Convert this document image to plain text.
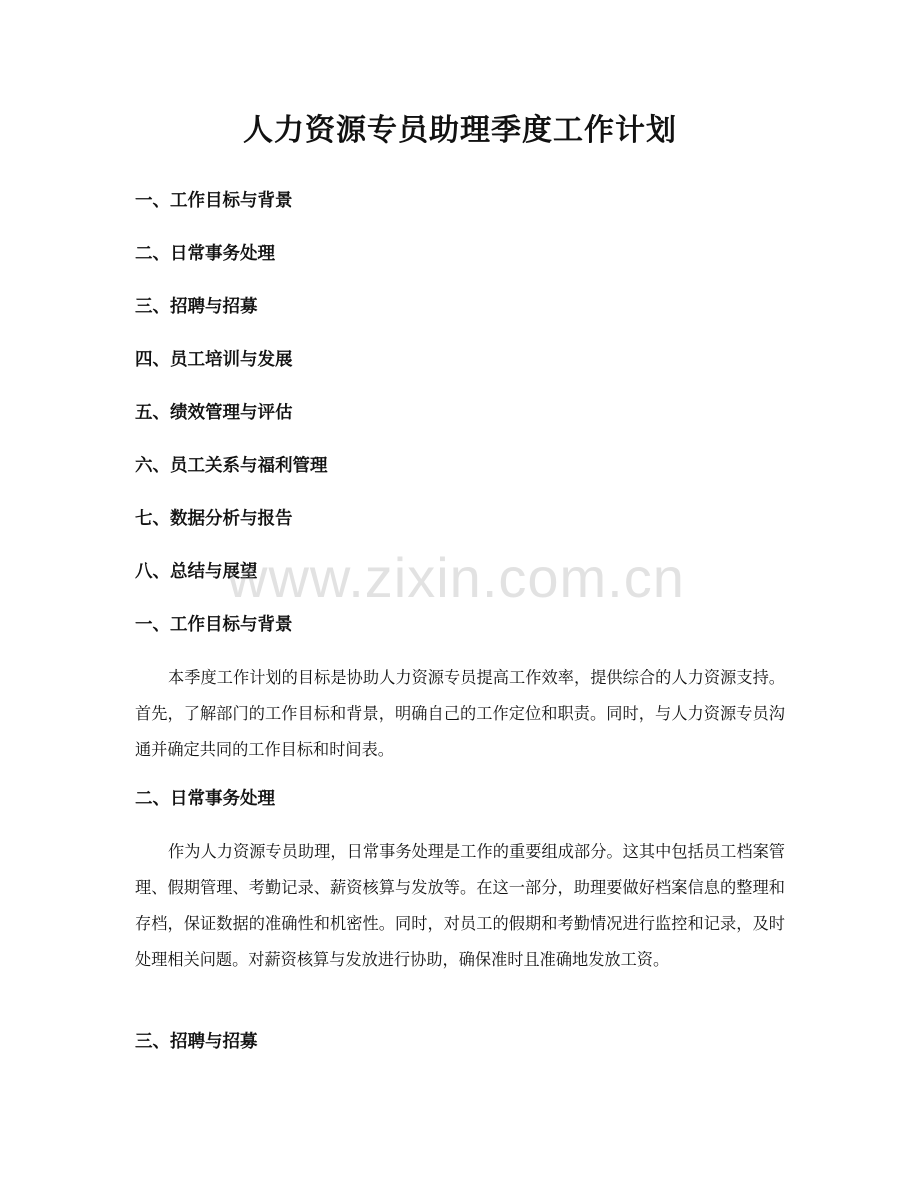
人力资源专员助理季度工作计划
一、工作目标与背景
二、日常事务处理
三、招聘与招募
四、员工培训与发展
五、绩效管理与评估
六、员工关系与福利管理
七、数据分析与报告
八、总结与展望
一、工作目标与背景

本季度工作计划的目标是协助人力资源专员提高工作效率，提供综合的人力资源支持。首先，了解部门的工作目标和背景，明确自己的工作定位和职责。同时，与人力资源专员沟通并确定共同的工作目标和时间表。

二、日常事务处理

作为人力资源专员助理，日常事务处理是工作的重要组成部分。这其中包括员工档案管理、假期管理、考勤记录、薪资核算与发放等。在这一部分，助理要做好档案信息的整理和存档，保证数据的准确性和机密性。同时，对员工的假期和考勤情况进行监控和记录，及时处理相关问题。对薪资核算与发放进行协助，确保准时且准确地发放工资。

三、招聘与招募
www.zixin.com.cn
